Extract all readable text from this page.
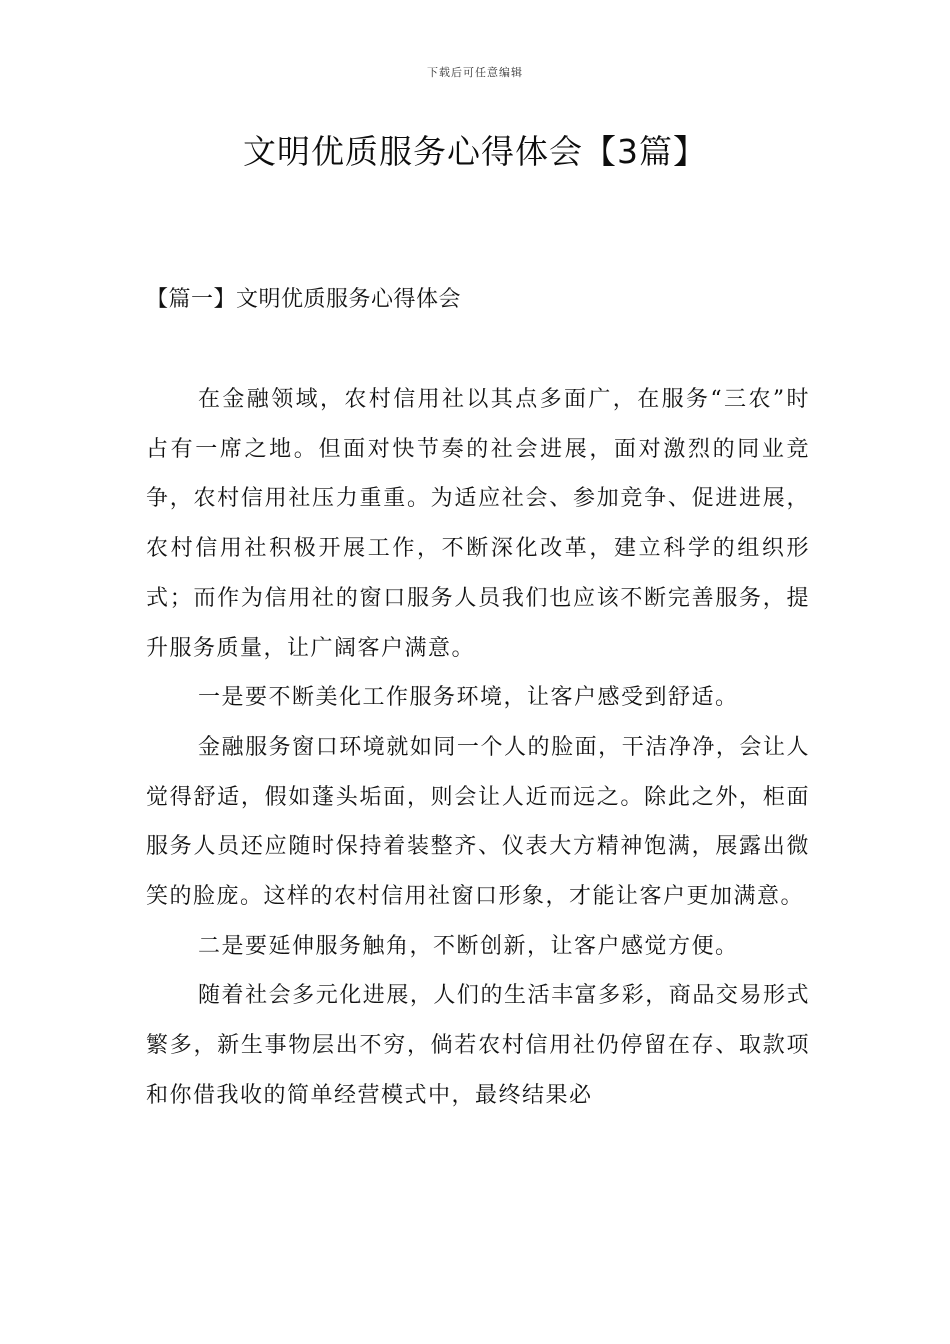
下载后可任意编辑
文明优质服务心得体会【3篇】
【篇一】文明优质服务心得体会

在金融领域，农村信用社以其点多面广，在服务“三农”时占有一席之地。但面对快节奏的社会进展，面对激烈的同业竞争，农村信用社压力重重。为适应社会、参加竞争、促进进展，农村信用社积极开展工作，不断深化改革，建立科学的组织形式；而作为信用社的窗口服务人员我们也应该不断完善服务，提升服务质量，让广阔客户满意。

一是要不断美化工作服务环境，让客户感受到舒适。

金融服务窗口环境就如同一个人的脸面，干洁净净，会让人觉得舒适，假如蓬头垢面，则会让人近而远之。除此之外，柜面服务人员还应随时保持着装整齐、仪表大方精神饱满，展露出微笑的脸庞。这样的农村信用社窗口形象，才能让客户更加满意。

二是要延伸服务触角，不断创新，让客户感觉方便。

随着社会多元化进展，人们的生活丰富多彩，商品交易形式繁多，新生事物层出不穷，倘若农村信用社仍停留在存、取款项和你借我收的简单经营模式中，最终结果必
